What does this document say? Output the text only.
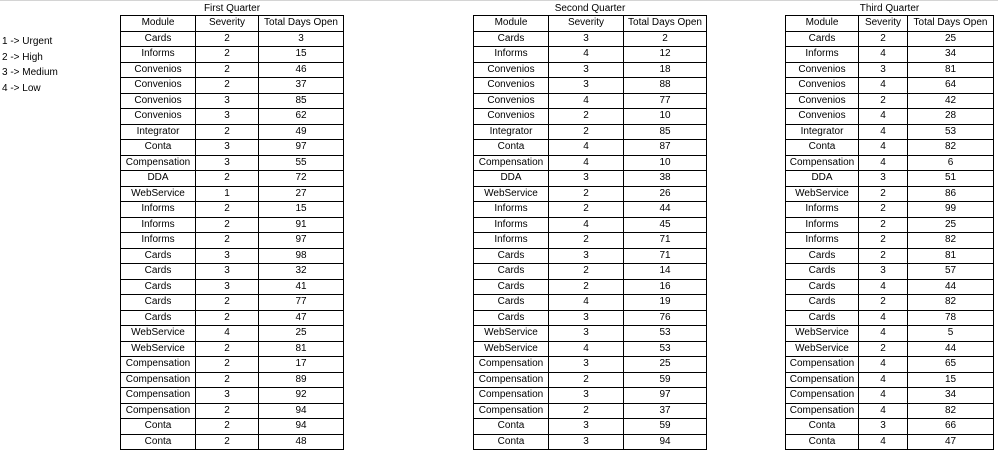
1 -> Urgent
2 -> High
3 -> Medium
4 -> Low
First Quarter
Module	Severity	Total Days Open
Cards	2	3
Informs	2	15
Convenios	2	46
Convenios	2	37
Convenios	3	85
Convenios	3	62
Integrator	2	49
Conta	3	97
Compensation	3	55
DDA	2	72
WebService	1	27
Informs	2	15
Informs	2	91
Informs	2	97
Cards	3	98
Cards	3	32
Cards	3	41
Cards	2	77
Cards	2	47
WebService	4	25
WebService	2	81
Compensation	2	17
Compensation	2	89
Compensation	3	92
Compensation	2	94
Conta	2	94
Conta	2	48
Second Quarter
Module	Severity	Total Days Open
Cards	3	2
Informs	4	12
Convenios	3	18
Convenios	3	88
Convenios	4	77
Convenios	2	10
Integrator	2	85
Conta	4	87
Compensation	4	10
DDA	3	38
WebService	2	26
Informs	2	44
Informs	4	45
Informs	2	71
Cards	3	71
Cards	2	14
Cards	2	16
Cards	4	19
Cards	3	76
WebService	3	53
WebService	4	53
Compensation	3	25
Compensation	2	59
Compensation	3	97
Compensation	2	37
Conta	3	59
Conta	3	94
Third Quarter
Module	Severity	Total Days Open
Cards	2	25
Informs	4	34
Convenios	3	81
Convenios	4	64
Convenios	2	42
Convenios	4	28
Integrator	4	53
Conta	4	82
Compensation	4	6
DDA	3	51
WebService	2	86
Informs	2	99
Informs	2	25
Informs	2	82
Cards	2	81
Cards	3	57
Cards	4	44
Cards	2	82
Cards	4	78
WebService	4	5
WebService	2	44
Compensation	4	65
Compensation	4	15
Compensation	4	34
Compensation	4	82
Conta	3	66
Conta	4	47
